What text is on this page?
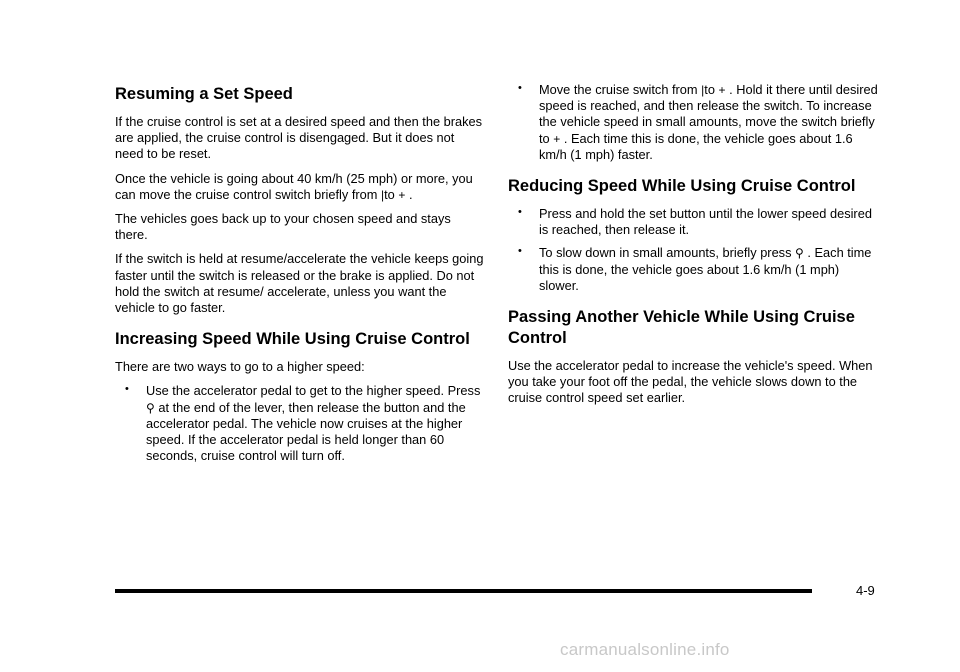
Resuming a Set Speed

If the cruise control is set at a desired speed and then the brakes are applied, the cruise control is disengaged. But it does not need to be reset.

Once the vehicle is going about 40 km/h (25 mph) or more, you can move the cruise control switch briefly from |to + .

The vehicles goes back up to your chosen speed and stays there.

If the switch is held at resume/accelerate the vehicle keeps going faster until the switch is released or the brake is applied. Do not hold the switch at resume/ accelerate, unless you want the vehicle to go faster.

Increasing Speed While Using Cruise Control

There are two ways to go to a higher speed:

• Use the accelerator pedal to get to the higher speed. Press ⚲ at the end of the lever, then release the button and the accelerator pedal. The vehicle now cruises at the higher speed. If the accelerator pedal is held longer than 60 seconds, cruise control will turn off.
• Move the cruise switch from |to + . Hold it there until desired speed is reached, and then release the switch. To increase the vehicle speed in small amounts, move the switch briefly to + . Each time this is done, the vehicle goes about 1.6 km/h (1 mph) faster.
Reducing Speed While Using Cruise Control
• Press and hold the set button until the lower speed desired is reached, then release it.
• To slow down in small amounts, briefly press ⚲ . Each time this is done, the vehicle goes about 1.6 km/h (1 mph) slower.
Passing Another Vehicle While Using Cruise Control

Use the accelerator pedal to increase the vehicle's speed. When you take your foot off the pedal, the vehicle slows down to the cruise control speed set earlier.

4-9
carmanualsonline.info
